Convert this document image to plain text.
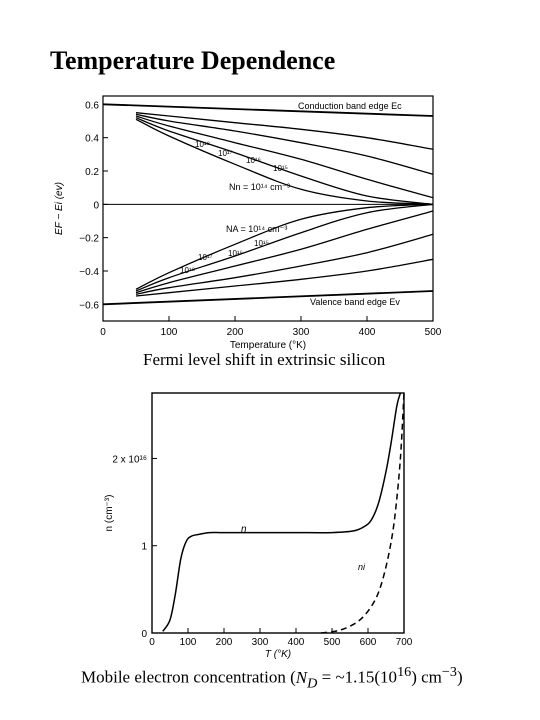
Temperature Dependence
0.6
0.4
0.2
0
−0.2
−0.4
−0.6
0	100	200	300	400	500
Temperature (°K)
EF − Ei (ev)
Conduction band edge Ec
Valence band edge Ev
10¹⁸
10¹⁷
10¹⁶
10¹⁵
Nn = 10¹⁴ cm⁻³
NA = 10¹⁴ cm⁻³
10¹⁸
10¹⁷ 10¹⁶
10¹⁵
Fermi level shift in extrinsic silicon
0
1
2 x 10¹⁶
0 100 200 300 400 500 600 700
T (°K)
n (cm⁻³)	n
ni
Mobile electron concentration ($N_D$ = $\sim 1.15(10^{16})$ $cm^{-3}$)
